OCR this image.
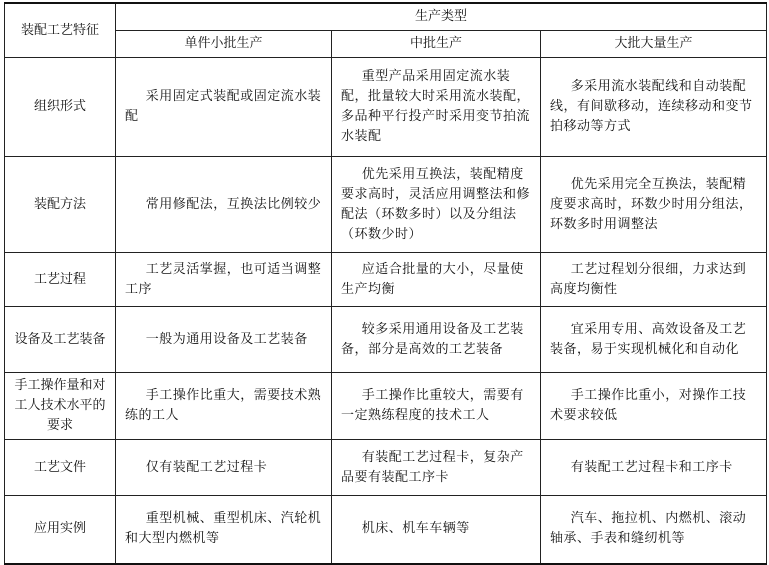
装配工艺特征	生产类型		
	单件小批生产	中批生产	大批大量生产
组织形式	采用固定式装配或固定流水装配	重型产品采用固定流水装配，批量较大时采用流水装配，多品种平行投产时采用变节拍流水装配	多采用流水装配线和自动装配线，有间歇移动，连续移动和变节拍移动等方式
装配方法	常用修配法，互换法比例较少	优先采用互换法，装配精度要求高时，灵活应用调整法和修配法（环数多时）以及分组法（环数少时）	优先采用完全互换法，装配精度要求高时，环数少时用分组法，环数多时用调整法
工艺过程	工艺灵活掌握，也可适当调整工序	应适合批量的大小，尽量使生产均衡	工艺过程划分很细，力求达到高度均衡性
设备及工艺装备	一般为通用设备及工艺装备	较多采用通用设备及工艺装备，部分是高效的工艺装备	宜采用专用、高效设备及工艺装备，易于实现机械化和自动化
手工操作量和对工人技术水平的要求	手工操作比重大，需要技术熟练的工人	手工操作比重较大，需要有一定熟练程度的技术工人	手工操作比重小，对操作工技术要求较低
工艺文件	仅有装配工艺过程卡	有装配工艺过程卡，复杂产品要有装配工序卡	有装配工艺过程卡和工序卡
应用实例	重型机械、重型机床、汽轮机和大型内燃机等	机床、机车车辆等	汽车、拖拉机、内燃机、滚动轴承、手表和缝纫机等
